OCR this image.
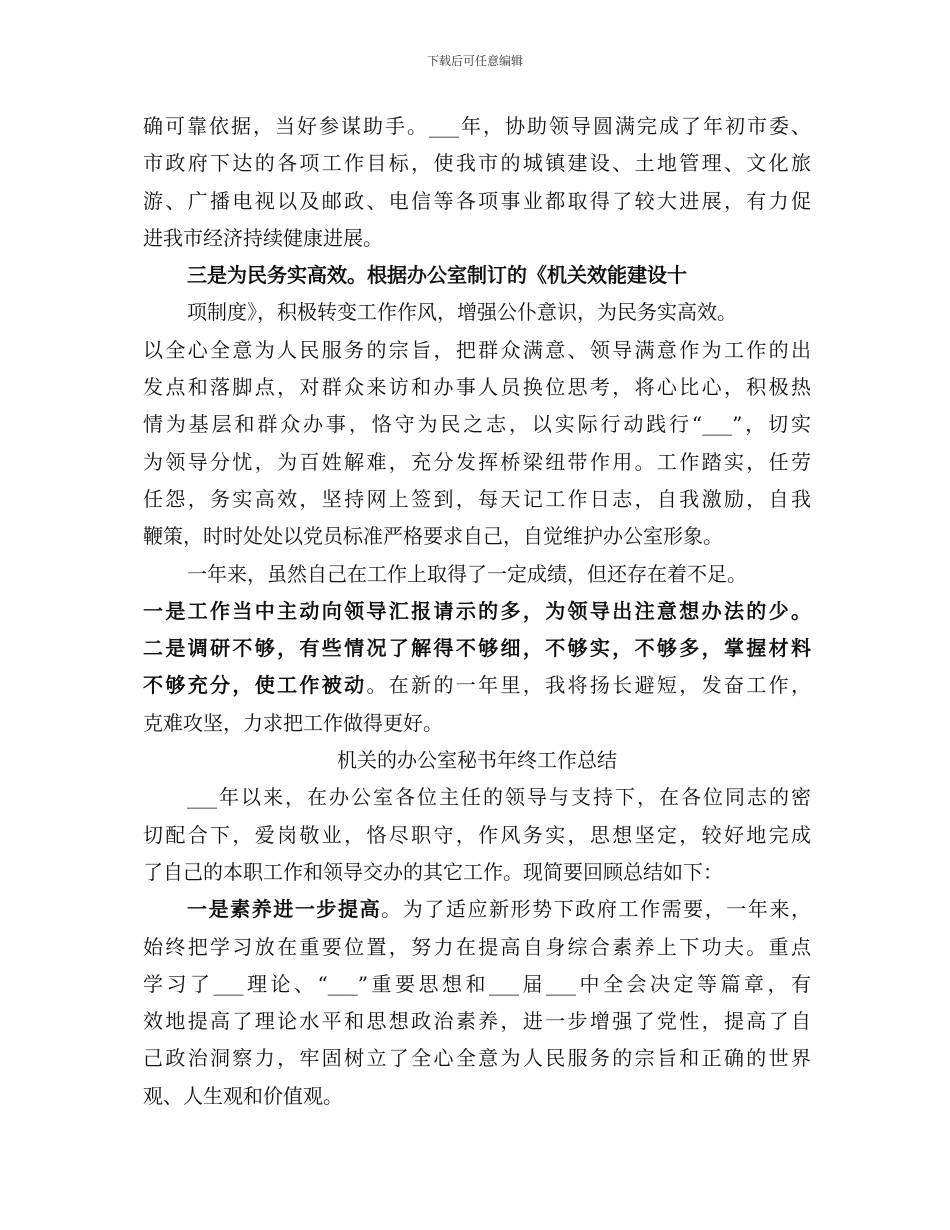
下载后可任意编辑
确可靠依据，当好参谋助手。___年，协助领导圆满完成了年初市委、
市政府下达的各项工作目标，使我市的城镇建设、土地管理、文化旅
游、广播电视以及邮政、电信等各项事业都取得了较大进展，有力促
进我市经济持续健康进展。
三是为民务实高效。根据办公室制订的《机关效能建设十
项制度》，积极转变工作作风，增强公仆意识，为民务实高效。
以全心全意为人民服务的宗旨，把群众满意、领导满意作为工作的出
发点和落脚点，对群众来访和办事人员换位思考，将心比心，积极热
情为基层和群众办事，恪守为民之志，以实际行动践行“___”，切实
为领导分忧，为百姓解难，充分发挥桥梁纽带作用。工作踏实，任劳
任怨，务实高效，坚持网上签到，每天记工作日志，自我激励，自我
鞭策，时时处处以党员标准严格要求自己，自觉维护办公室形象。
一年来，虽然自己在工作上取得了一定成绩，但还存在着不足。
一是工作当中主动向领导汇报请示的多，为领导出注意想办法的少。
二是调研不够，有些情况了解得不够细，不够实，不够多，掌握材料
不够充分，使工作被动。在新的一年里，我将扬长避短，发奋工作，
克难攻坚，力求把工作做得更好。
机关的办公室秘书年终工作总结
___年以来，在办公室各位主任的领导与支持下，在各位同志的密
切配合下，爱岗敬业，恪尽职守，作风务实，思想坚定，较好地完成
了自己的本职工作和领导交办的其它工作。现简要回顾总结如下：
一是素养进一步提高。为了适应新形势下政府工作需要，一年来，
始终把学习放在重要位置，努力在提高自身综合素养上下功夫。重点
学习了___理论、“___”重要思想和___届___中全会决定等篇章，有
效地提高了理论水平和思想政治素养，进一步增强了党性，提高了自
己政治洞察力，牢固树立了全心全意为人民服务的宗旨和正确的世界
观、人生观和价值观。
